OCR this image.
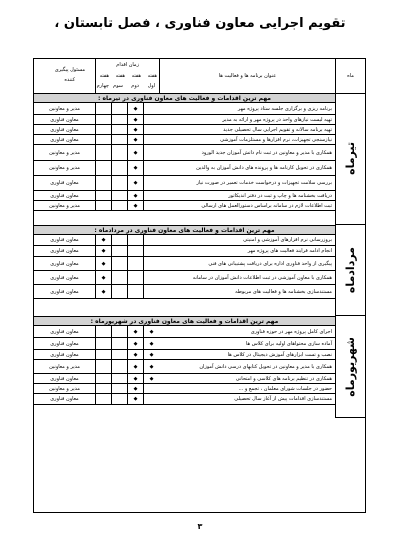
تقویم اجرایی معاون فناوری ، فصل تابستان ،
ماه
عنوان برنامه ها و فعالیت ها
زمان اقدام
هفته
اول
هفته
دوم
هفته
سوم
هفته
چهارم
مسئول پیگیری
کننده
مهم ترین اقدامات و فعالیت های معاون فناوری در تیرماه :
برنامه ریزی و برگزاری جلسه ستاد پروژه مهر
◆
مدیر و معاونین
تهیه لیست نیازهای واحد در پروژه مهر و ارائه به مدیر
◆
معاون فناوری
تهیه برنامه سالانه و تقویم اجرایی سال تحصیلی جدید
◆
معاون فناوری
نیازسنجی تجهیزات، نرم افزارها و مستلزمات آموزشی
◆
معاون فناوری
همکاری با مدیر و معاونین در ثبت نام دانش آموزان جدید الورود
◆
مدیر و معاونین
همکاری در تحویل کارنامه ها و پرونده های دانش آموزان به والدین
◆
مدیر و معاونین
بررسی سلامت تجهیزات و درخواست خدمات تعمیر در صورت نیاز
◆
معاون فناوری
دریافت بخشنامه ها و چاپ و ثبت در دفتر اندیکاتور
◆
معاون فناوری
ثبت اطلاعات لازم در سامانه براساس دستورالعمل های ارسالی
◆
مدیر و معاونین
تیرماه
مهم ترین اقدامات و فعالیت های معاون فناوری در مردادماه :
بروزرسانی نرم افزارهای آموزشی و امنیتی
◆
معاون فناوری
انجام ادامه فرایند فعالیت های پروژه مهر
◆
معاون فناوری
پیگیری از واحد فناوری اداره برای دریافت پشتیبانی های فنی
◆
معاون فناوری
همکاری با معاون آموزشی در ثبت اطلاعات دانش آموزان در سامانه
◆
معاون فناوری
مستندسازی بخشنامه ها و فعالیت های مربوطه
◆
معاون فناوری	مردادماه
مهم ترین اقدامات و فعالیت های معاون فناوری در شهریورماه :
اجرای کامل پروژه مهر در حوزه فناوری
◆
◆
معاون فناوری
آماده سازی محتواهای اولیه برای کلاس ها
◆
◆
معاون فناوری
نصب و تست ابزارهای آموزش دیجیتال در کلاس ها
◆
◆
معاون فناوری
همکاری با مدیر و معاونین در تحویل کتابهای درسی دانش آموزان
◆
◆
مدیر و معاونین
همکاری در تنظیم برنامه های کلاسی و امتحانی
◆
◆
معاون فناوری
حضور در جلسات شورای معلمان ، تجمع و ...
◆
مدیر و معاونین
مستندسازی اقدامات پیش از آغاز سال تحصیلی
◆
معاون فناوری
شهریورماه
۳
